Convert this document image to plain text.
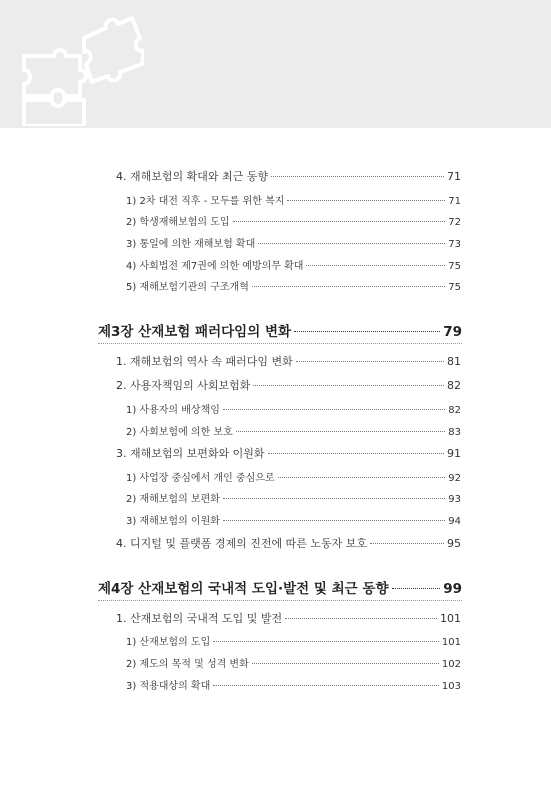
4. 재해보험의 확대와 최근 동향	71
1) 2차 대전 직후 - 모두를 위한 복지	71
2) 학생재해보험의 도입	72
3) 통일에 의한 재해보험 확대	73
4) 사회법전 제7권에 의한 예방의무 확대	75
5) 재해보험기관의 구조개혁	75
제3장 산재보험 패러다임의 변화	79
1. 재해보험의 역사 속 패러다임 변화	81
2. 사용자책임의 사회보험화	82
1) 사용자의 배상책임	82
2) 사회보험에 의한 보호	83
3. 재해보험의 보편화와 이원화	91
1) 사업장 중심에서 개인 중심으로	92
2) 재해보험의 보편화	93
3) 재해보험의 이원화	94
4. 디지털 및 플랫폼 경제의 진전에 따른 노동자 보호	95
제4장 산재보험의 국내적 도입·발전 및 최근 동향	99
1. 산재보험의 국내적 도입 및 발전	101
1) 산재보험의 도입	101
2) 제도의 목적 및 성격 변화	102
3) 적용대상의 확대	103
